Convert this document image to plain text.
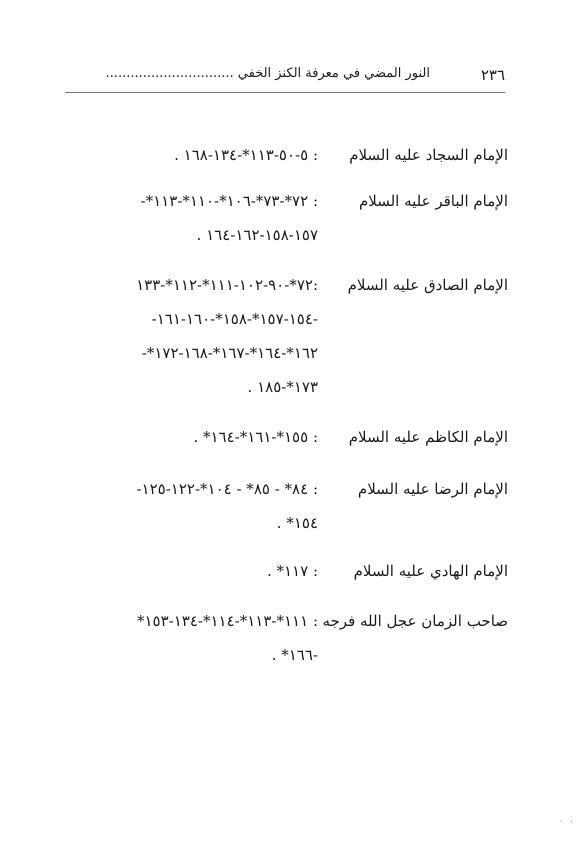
٢٣٦
النور المضي في معرفة الكنز الخفي ...............................
الإمام السجاد عليه السلام
: ٥-٥٠-١١٣*-١٣٤-١٦٨ .
الإمام الباقر عليه السلام
: ٧٢*-٧٣*-١٠٦*-١١٠*-١١٣*-
١٥٧-١٥٨-١٦٢-١٦٤ .
الإمام الصادق عليه السلام
:٧٢*-٩٠-١٠٢-١١١*-١١٢*-١٣٣
-١٥٤-١٥٧*-١٥٨*-١٦٠-١٦١-
١٦٢*-١٦٤*-١٦٧*-١٦٨-١٧٢*-
١٧٣*-١٨٥ .
الإمام الكاظم عليه السلام
: ١٥٥*-١٦١*-١٦٤* .
الإمام الرضا عليه السلام
: ٨٤* - ٨٥* - ١٠٤*-١٢٢-١٢٥-
١٥٤* .
الإمام الهادي عليه السلام
: ١١٧* .
صاحب الزمان عجل الله فرجه
: ١١١*-١١٣*-١١٤*-١٣٤-١٥٣*
-١٦٦* .
· ·
